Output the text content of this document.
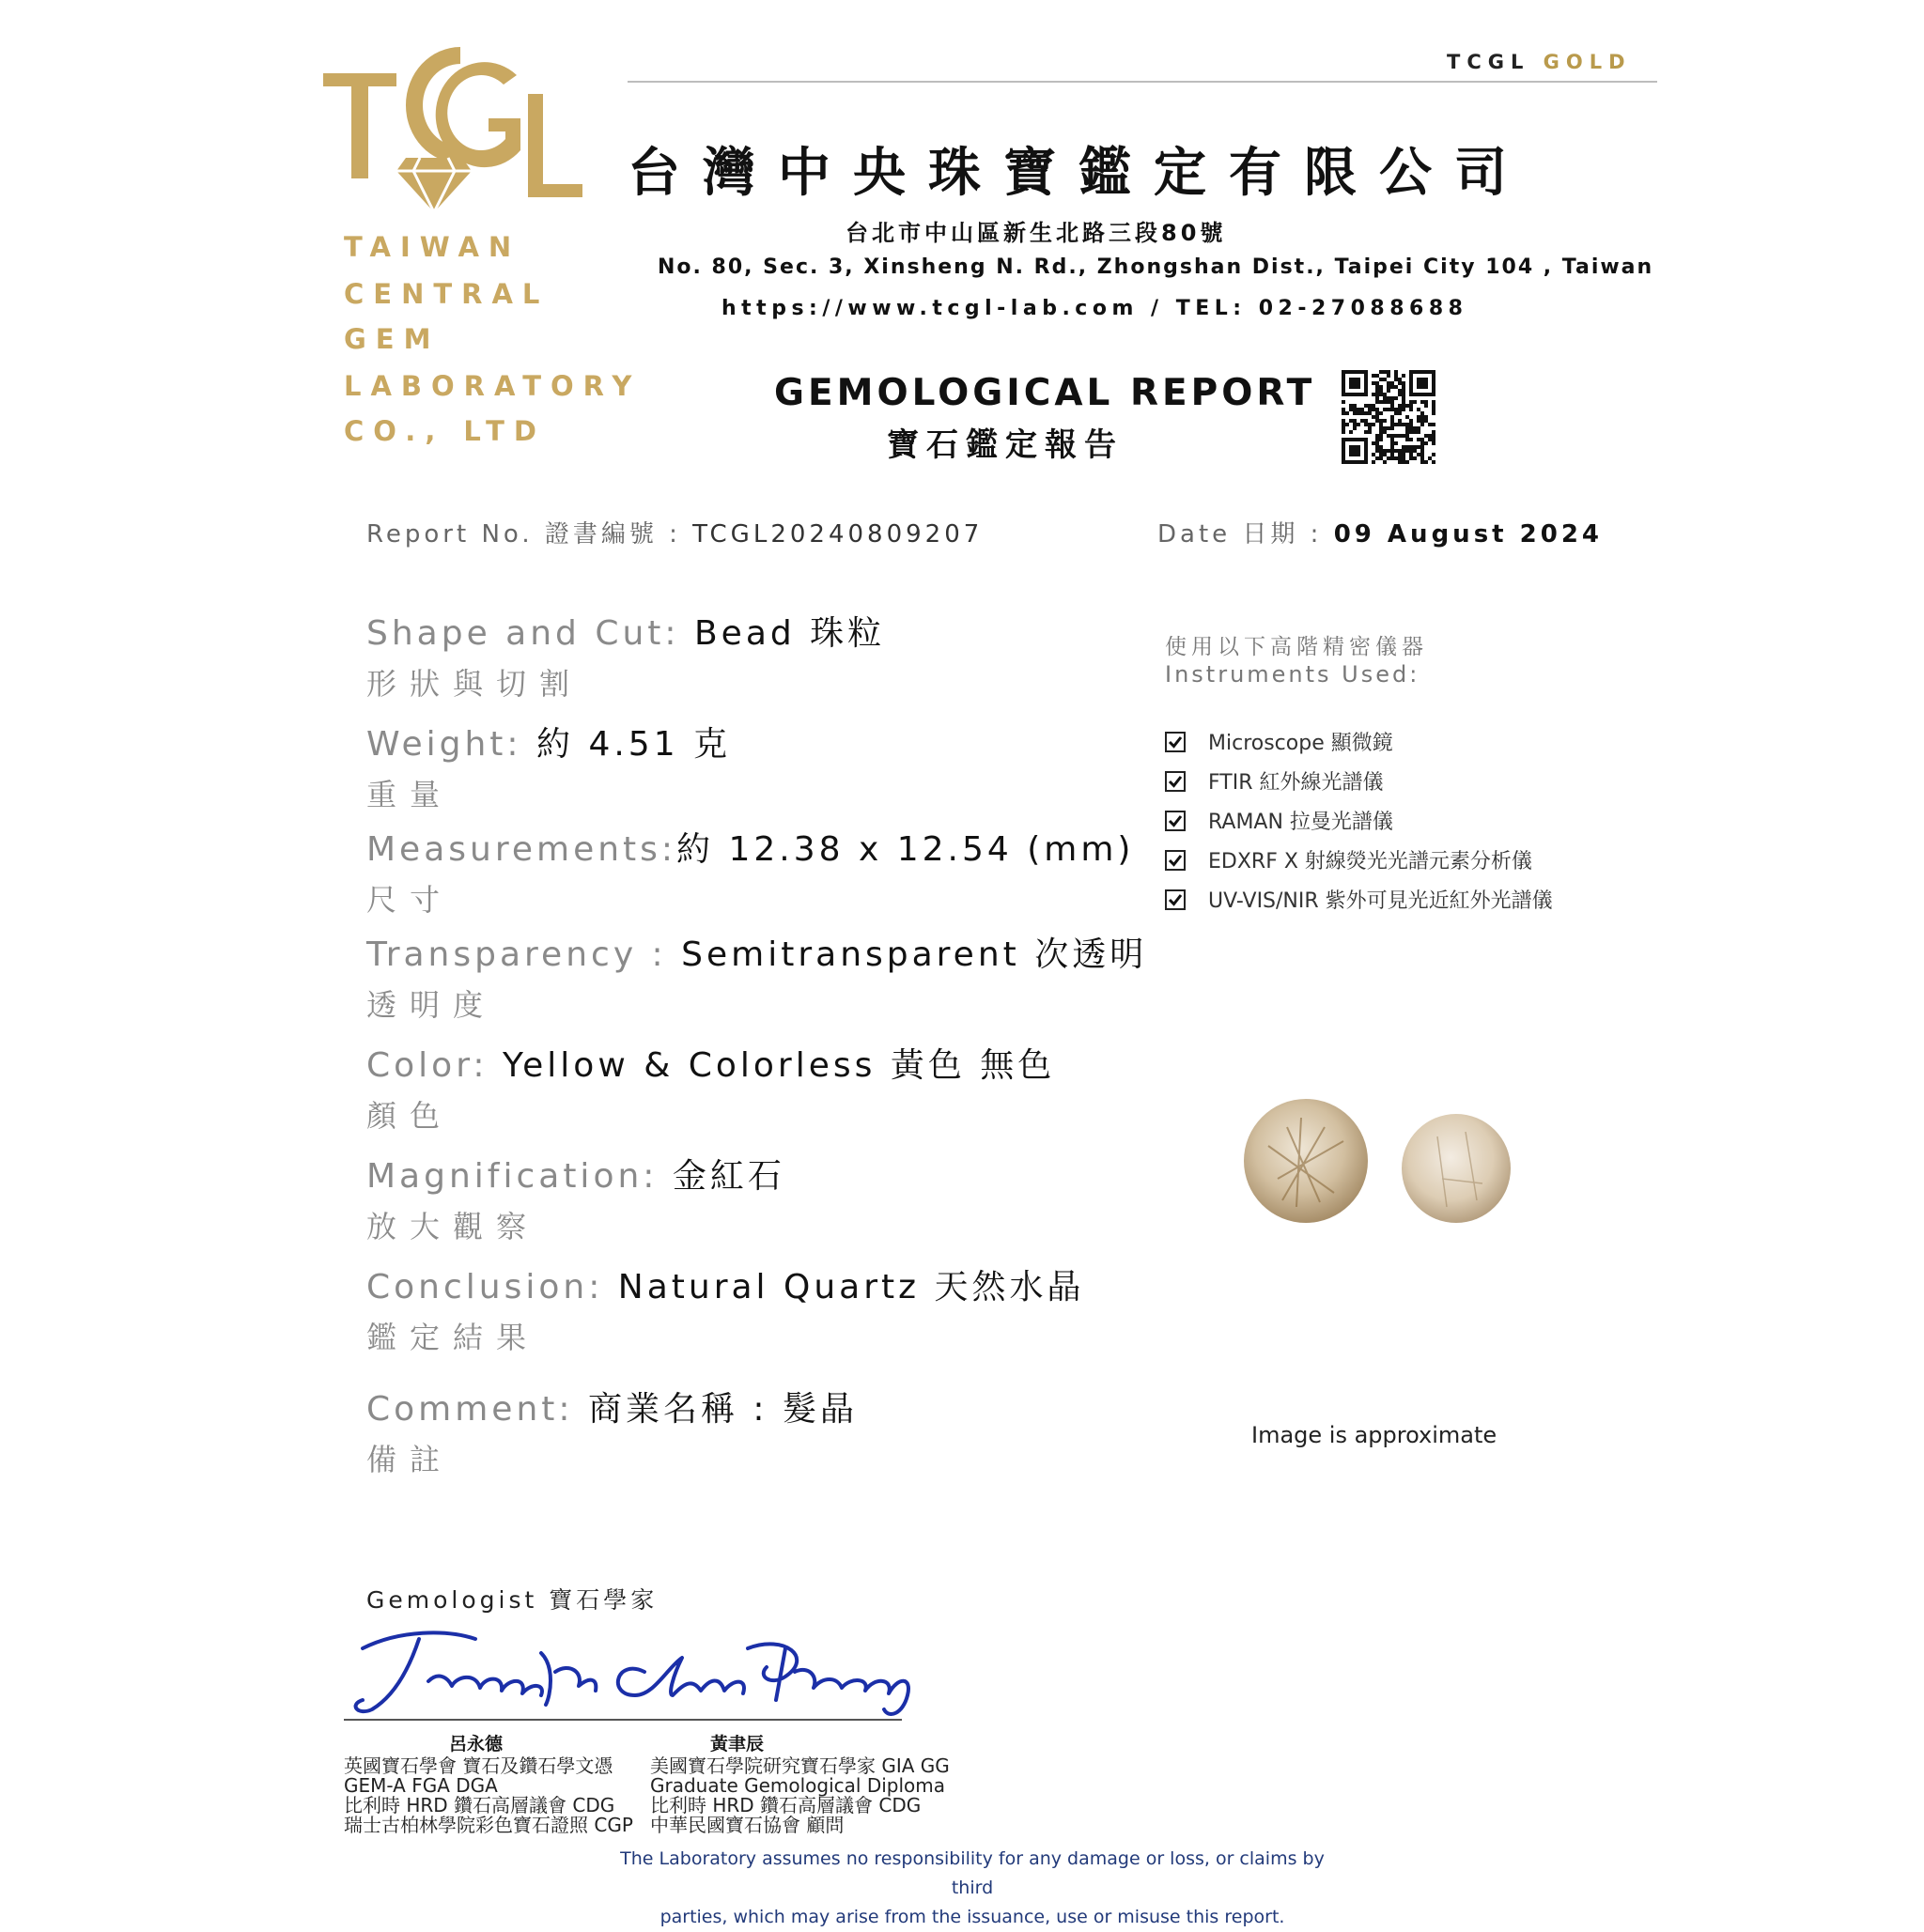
TCGL GOLD
TAIWAN
CENTRAL
GEM
LABORATORY
CO., LTD
台灣中央珠寶鑑定有限公司
台北市中山區新生北路三段80號
No. 80, Sec. 3, Xinsheng N. Rd., Zhongshan Dist., Taipei City 104 , Taiwan
https://www.tcgl-lab.com / TEL: 02-27088688
GEMOLOGICAL REPORT
寶石鑑定報告
Report No. 證書編號 : TCGL20240809207	Date 日期 : 09 August 2024
Shape and Cut: Bead 珠粒
形狀與切割
Weight: 約 4.51 克
重量
Measurements:約 12.38 x 12.54 (mm)
尺寸
Transparency : Semitransparent 次透明
透明度
Color: Yellow & Colorless 黃色 無色
顏色
Magnification: 金紅石
放大觀察
Conclusion: Natural Quartz 天然水晶
鑑定結果
Comment: 商業名稱 : 髮晶
備註
使用以下高階精密儀器
Instruments Used:
Microscope 顯微鏡
FTIR 紅外線光譜儀
RAMAN 拉曼光譜儀
EDXRF X 射線熒光光譜元素分析儀
UV-VIS/NIR 紫外可見光近紅外光譜儀
Image is approximate
Gemologist 寶石學家
呂永德	黃聿辰
英國寶石學會 寶石及鑽石學文憑
GEM-A FGA DGA
比利時 HRD 鑽石高層議會 CDG
瑞士古柏林學院彩色寶石證照 CGP
美國寶石學院研究寶石學家 GIA GG
Graduate Gemological Diploma
比利時 HRD 鑽石高層議會 CDG
中華民國寶石協會 顧問
The Laboratory assumes no responsibility for any damage or loss, or claims by third
parties, which may arise from the issuance, use or misuse this report.
